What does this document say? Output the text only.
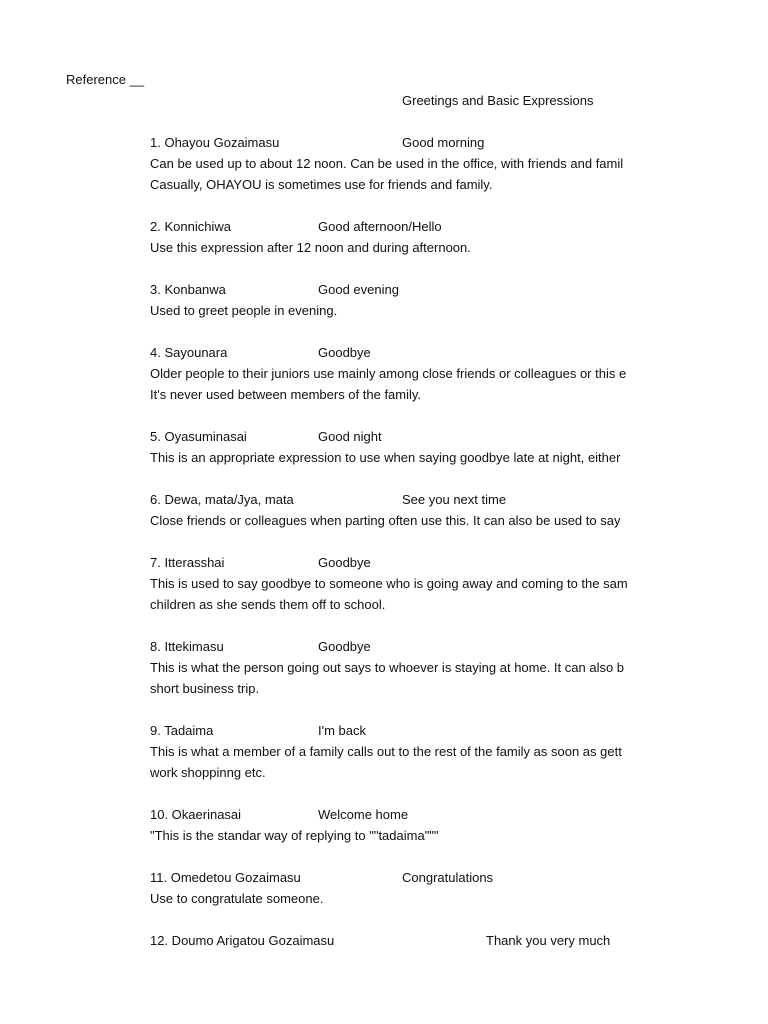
Reference __
Greetings and Basic Expressions
1. Ohayou Gozaimasu	Good morning
Can be used up to about 12 noon. Can be used in the office, with friends and famil
Casually, OHAYOU is sometimes use for friends and family.
2. Konnichiwa	Good afternoon/Hello
Use this expression after 12 noon and during afternoon.
3. Konbanwa	Good evening
Used to greet people in evening.
4. Sayounara	Goodbye
Older people to their juniors use mainly among close friends or colleagues or this e
It's never used between members of the family.
5. Oyasuminasai	Good night
This is an appropriate expression to use when saying goodbye late at night, either
6. Dewa, mata/Jya, mata	See you next time
Close friends or colleagues when parting often use this. It can also be used to say
7. Itterasshai	Goodbye
This is used to say goodbye to someone who is going away and coming to the sam
children as she sends them off to school.
8. Ittekimasu	Goodbye
This is what the person going out says to whoever is staying at home. It can also b
short business trip.
9. Tadaima	I'm back
This is what a member of a family calls out to the rest of the family as soon as gett
work shoppinng etc.
10. Okaerinasai	Welcome home
"This is the standar way of replying to ""tadaima"""
11. Omedetou Gozaimasu	Congratulations
Use to congratulate someone.
12. Doumo Arigatou Gozaimasu	Thank you very much
